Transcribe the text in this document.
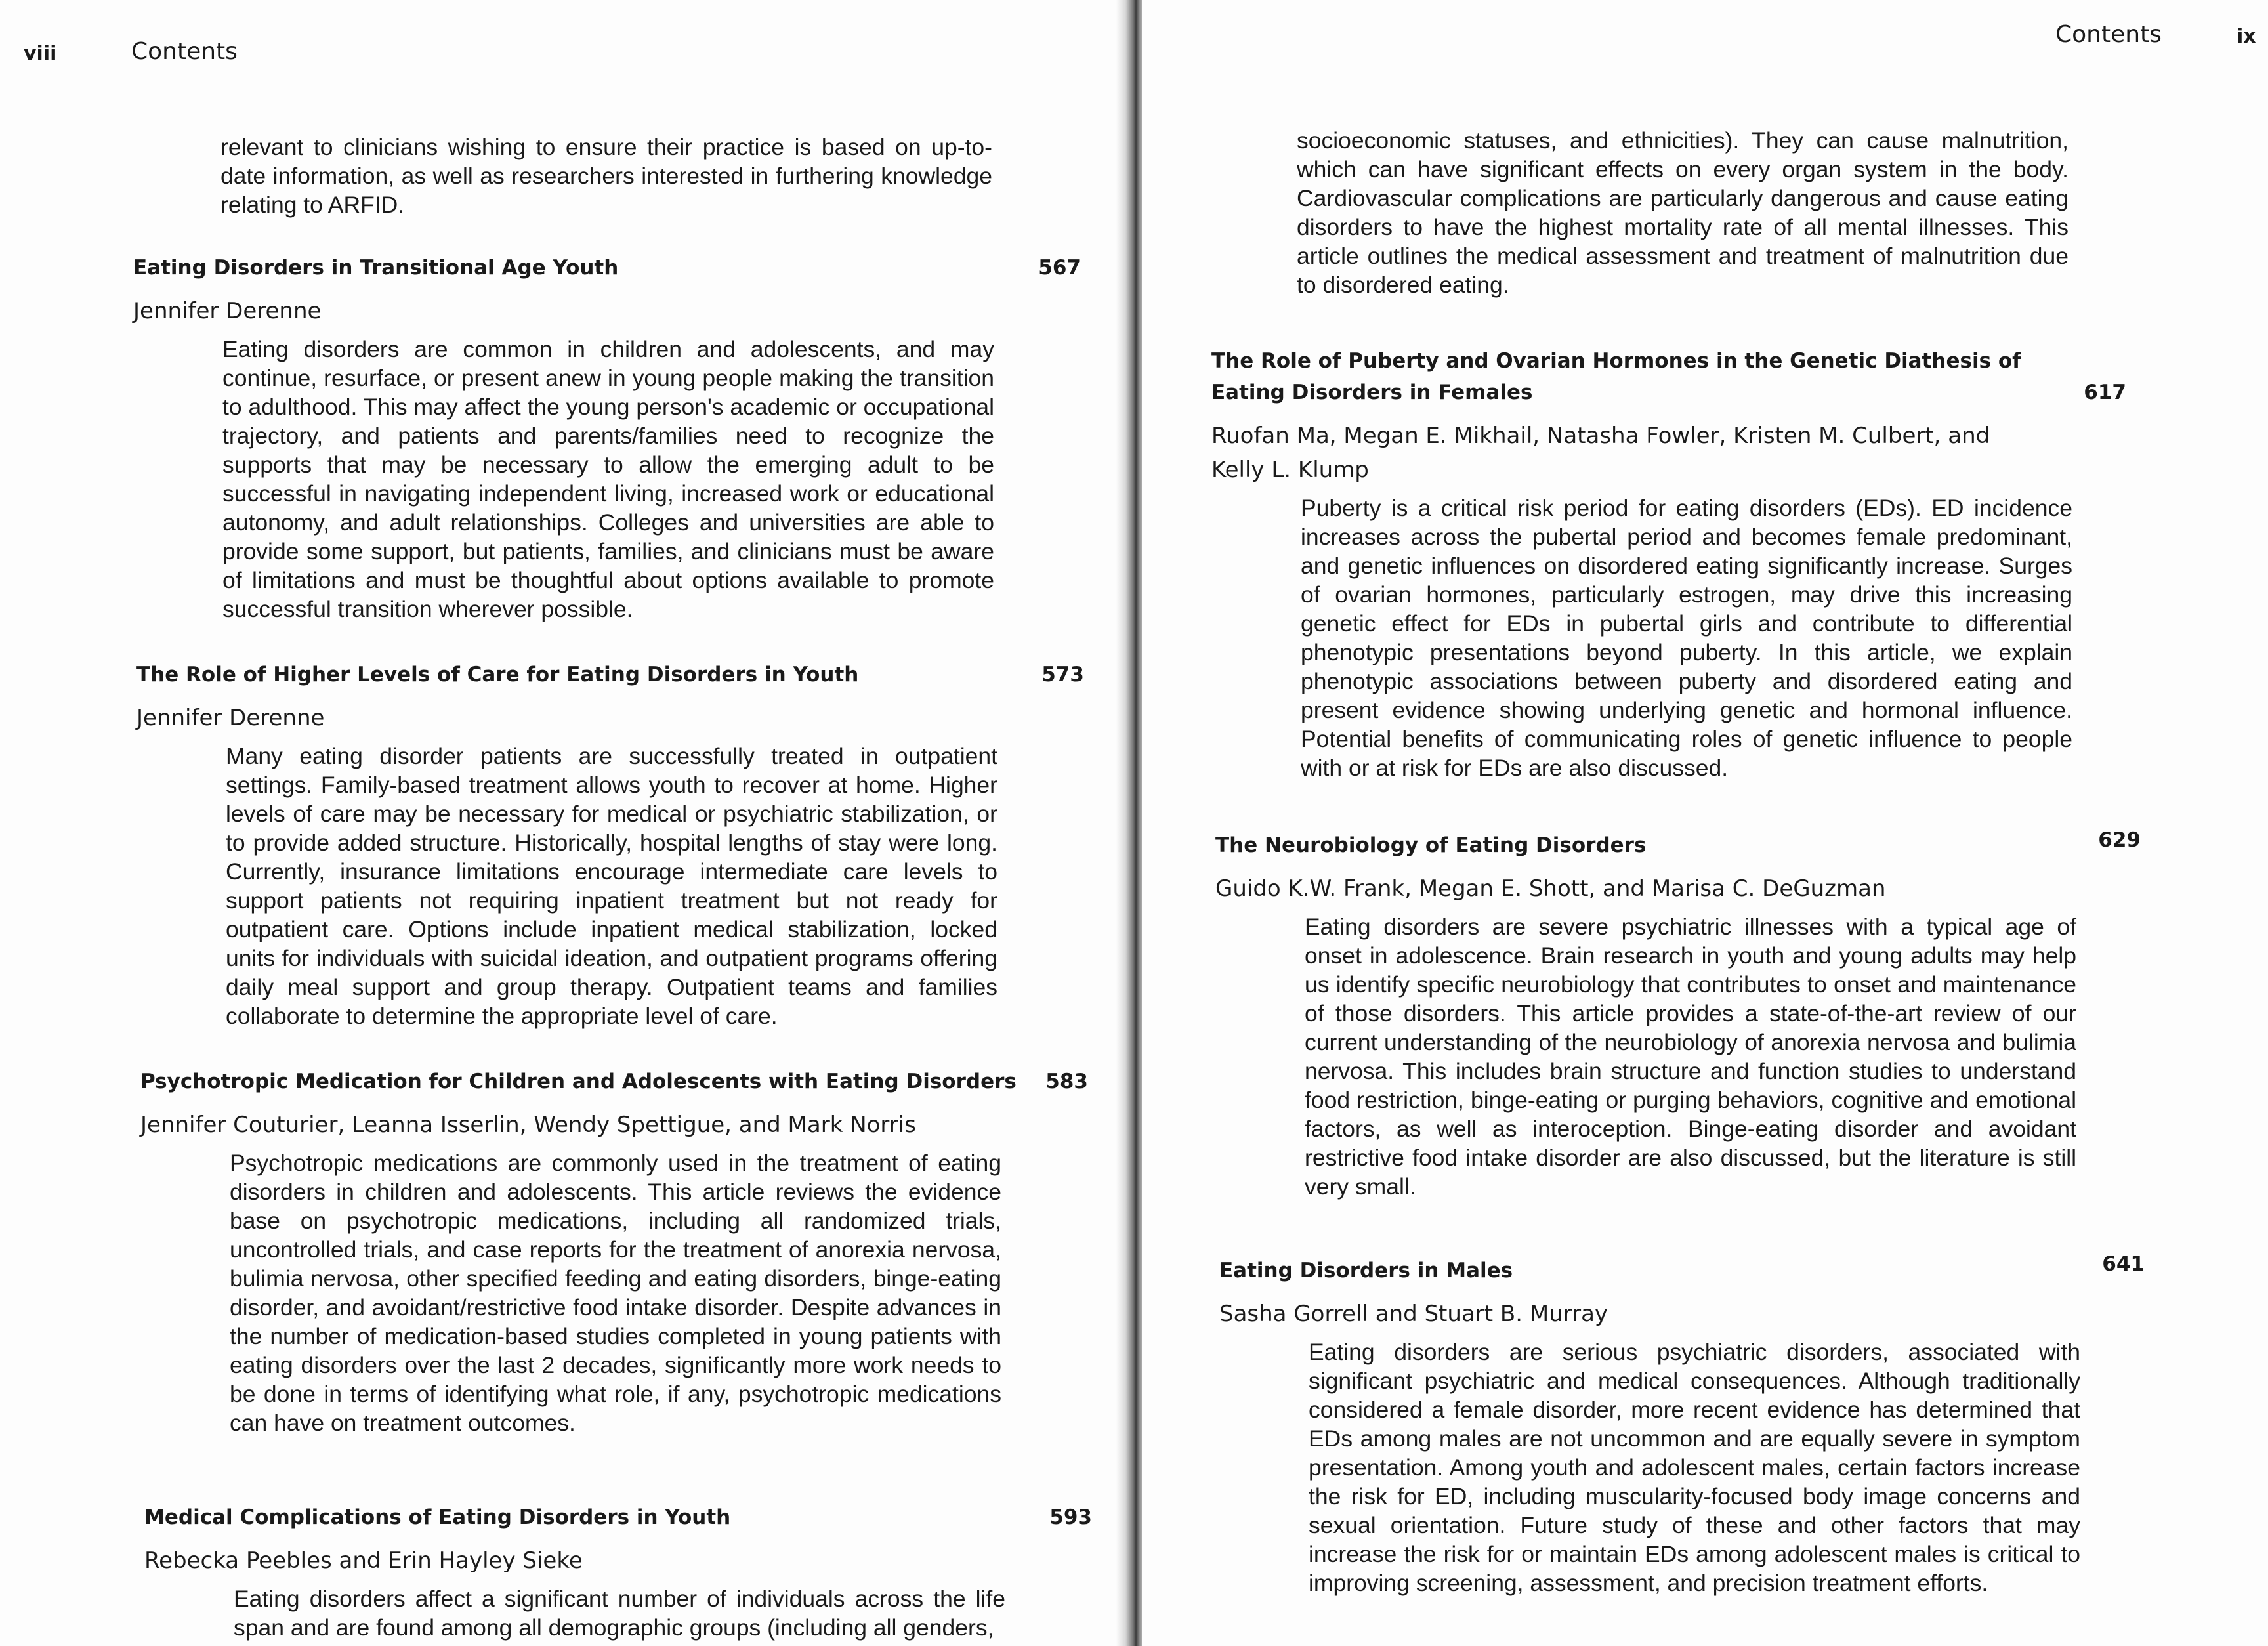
viii	Contents

relevant to clinicians wishing to ensure their practice is based on up-to-date information, as well as researchers interested in furthering knowledge relating to ARFID.

Eating Disorders in Transitional Age Youth	567
Jennifer Derenne

Eating disorders are common in children and adolescents, and may continue, resurface, or present anew in young people making the transition to adulthood. This may affect the young person's academic or occupational trajectory, and patients and parents/families need to recognize the supports that may be necessary to allow the emerging adult to be successful in navigating independent living, increased work or educational autonomy, and adult relationships. Colleges and universities are able to provide some support, but patients, families, and clinicians must be aware of limitations and must be thoughtful about options available to promote successful transition wherever possible.

The Role of Higher Levels of Care for Eating Disorders in Youth	573
Jennifer Derenne

Many eating disorder patients are successfully treated in outpatient settings. Family-based treatment allows youth to recover at home. Higher levels of care may be necessary for medical or psychiatric stabilization, or to provide added structure. Historically, hospital lengths of stay were long. Currently, insurance limitations encourage intermediate care levels to support patients not requiring inpatient treatment but not ready for outpatient care. Options include inpatient medical stabilization, locked units for individuals with suicidal ideation, and outpatient programs offering daily meal support and group therapy. Outpatient teams and families collaborate to determine the appropriate level of care.

Psychotropic Medication for Children and Adolescents with Eating Disorders 583
Jennifer Couturier, Leanna Isserlin, Wendy Spettigue, and Mark Norris

Psychotropic medications are commonly used in the treatment of eating disorders in children and adolescents. This article reviews the evidence base on psychotropic medications, including all randomized trials, uncontrolled trials, and case reports for the treatment of anorexia nervosa, bulimia nervosa, other specified feeding and eating disorders, binge-eating disorder, and avoidant/restrictive food intake disorder. Despite advances in the number of medication-based studies completed in young patients with eating disorders over the last 2 decades, significantly more work needs to be done in terms of identifying what role, if any, psychotropic medications can have on treatment outcomes.

Medical Complications of Eating Disorders in Youth	593
Rebecka Peebles and Erin Hayley Sieke

Eating disorders affect a significant number of individuals across the life span and are found among all demographic groups (including all genders,

Contents	ix

socioeconomic statuses, and ethnicities). They can cause malnutrition, which can have significant effects on every organ system in the body. Cardiovascular complications are particularly dangerous and cause eating disorders to have the highest mortality rate of all mental illnesses. This article outlines the medical assessment and treatment of malnutrition due to disordered eating.

The Role of Puberty and Ovarian Hormones in the Genetic Diathesis of Eating Disorders in Females	617
Ruofan Ma, Megan E. Mikhail, Natasha Fowler, Kristen M. Culbert, and Kelly L. Klump

Puberty is a critical risk period for eating disorders (EDs). ED incidence increases across the pubertal period and becomes female predominant, and genetic influences on disordered eating significantly increase. Surges of ovarian hormones, particularly estrogen, may drive this increasing genetic effect for EDs in pubertal girls and contribute to differential phenotypic presentations beyond puberty. In this article, we explain phenotypic associations between puberty and disordered eating and present evidence showing underlying genetic and hormonal influence. Potential benefits of communicating roles of genetic influence to people with or at risk for EDs are also discussed.

The Neurobiology of Eating Disorders	629
Guido K.W. Frank, Megan E. Shott, and Marisa C. DeGuzman

Eating disorders are severe psychiatric illnesses with a typical age of onset in adolescence. Brain research in youth and young adults may help us identify specific neurobiology that contributes to onset and maintenance of those disorders. This article provides a state-of-the-art review of our current understanding of the neurobiology of anorexia nervosa and bulimia nervosa. This includes brain structure and function studies to understand food restriction, binge-eating or purging behaviors, cognitive and emotional factors, as well as interoception. Binge-eating disorder and avoidant restrictive food intake disorder are also discussed, but the literature is still very small.

Eating Disorders in Males	641
Sasha Gorrell and Stuart B. Murray

Eating disorders are serious psychiatric disorders, associated with significant psychiatric and medical consequences. Although traditionally considered a female disorder, more recent evidence has determined that EDs among males are not uncommon and are equally severe in symptom presentation. Among youth and adolescent males, certain factors increase the risk for ED, including muscularity-focused body image concerns and sexual orientation. Future study of these and other factors that may increase the risk for or maintain EDs among adolescent males is critical to improving screening, assessment, and precision treatment efforts.
